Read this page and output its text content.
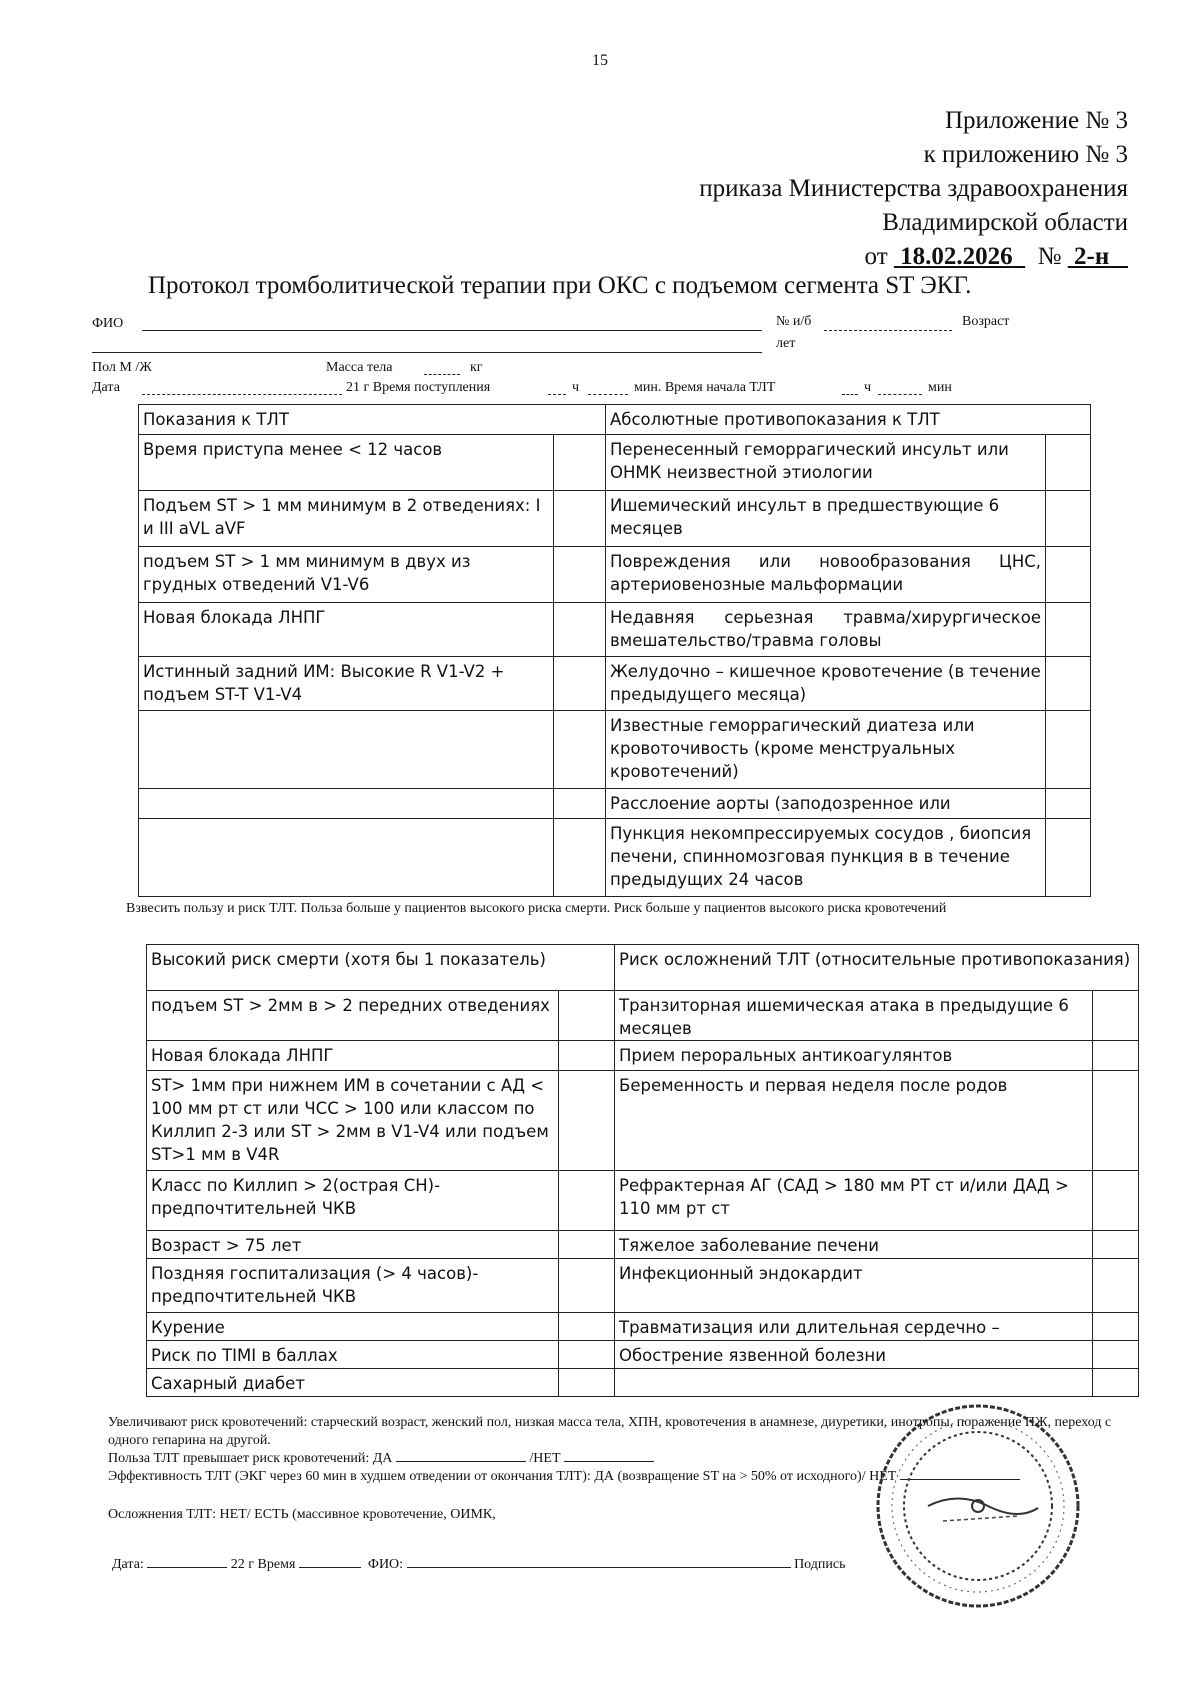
15
Приложение № 3
к приложению № 3
приказа Министерства здравоохранения
Владимирской области
от 18.02.2026 № 2-н
Протокол тромболитической терапии при ОКС с подъемом сегмента ST ЭКГ.
ФИО	№ и/б	Возраст
лет
Пол М /Ж	Масса тела	кг
Дата	21 г Время поступления	ч	мин. Время начала ТЛТ	ч	мин
Показания к ТЛТ		Абсолютные противопоказания к ТЛТ	
Время приступа менее < 12 часов		Перенесенный геморрагический инсульт или ОНМК неизвестной этиологии	
Подъем ST > 1 мм минимум в 2 отведениях: I и III aVL aVF		Ишемический инсульт в предшествующие 6 месяцев	
подъем ST > 1 мм минимум в двух из грудных отведений V1-V6		Повреждения или новообразования ЦНС, артериовенозные мальформации	
Новая блокада ЛНПГ		Недавняя серьезная травма/хирургическое вмешательство/травма головы	
Истинный задний ИМ: Высокие R V1-V2 + подъем ST-T V1-V4		Желудочно – кишечное кровотечение (в течение предыдущего месяца)	
		Известные геморрагический диатеза или кровоточивость (кроме менструальных кровотечений)	
		Расслоение аорты (заподозренное или	
		Пункция некомпрессируемых сосудов , биопсия печени, спинномозговая пункция в в течение предыдущих 24 часов	
Взвесить пользу и риск ТЛТ. Польза больше у пациентов высокого риска смерти. Риск больше у пациентов высокого риска кровотечений
Высокий риск смерти (хотя бы 1 показатель)		Риск осложнений ТЛТ (относительные противопоказания)	
подъем ST > 2мм в > 2 передних отведениях		Транзиторная ишемическая атака в предыдущие 6 месяцев	
Новая блокада ЛНПГ		Прием пероральных антикоагулянтов	
ST> 1мм при нижнем ИМ в сочетании с АД < 100 мм рт ст или ЧСС > 100 или классом по Киллип 2-3 или ST > 2мм в V1-V4 или подъем ST>1 мм в V4R		Беременность и первая неделя после родов	
Класс по Киллип > 2(острая СН)- предпочтительней ЧКВ		Рефрактерная АГ (САД > 180 мм РТ ст и/или ДАД > 110 мм рт ст	
Возраст > 75 лет		Тяжелое заболевание печени	
Поздняя госпитализация (> 4 часов)- предпочтительней ЧКВ		Инфекционный эндокардит	
Курение		Травматизация или длительная сердечно –	
Риск по TIMI в баллах		Обострение язвенной болезни	
Сахарный диабет			
Увеличивают риск кровотечений: старческий возраст, женский пол, низкая масса тела, ХПН, кровотечения в анамнезе, диуретики, инотропы, поражение ПЖ, переход с одного гепарина на другой.
Польза ТЛТ превышает риск кровотечений: ДА	/НЕТ
Эффективность ТЛТ (ЭКГ через 60 мин в худшем отведении от окончания ТЛТ): ДА (возвращение ST на > 50% от исходного)/ НЕТ
Осложнения ТЛТ: НЕТ/ ЕСТЬ (массивное кровотечение, ОИМК,
Дата:	22 г Время	ФИО:	Подпись
